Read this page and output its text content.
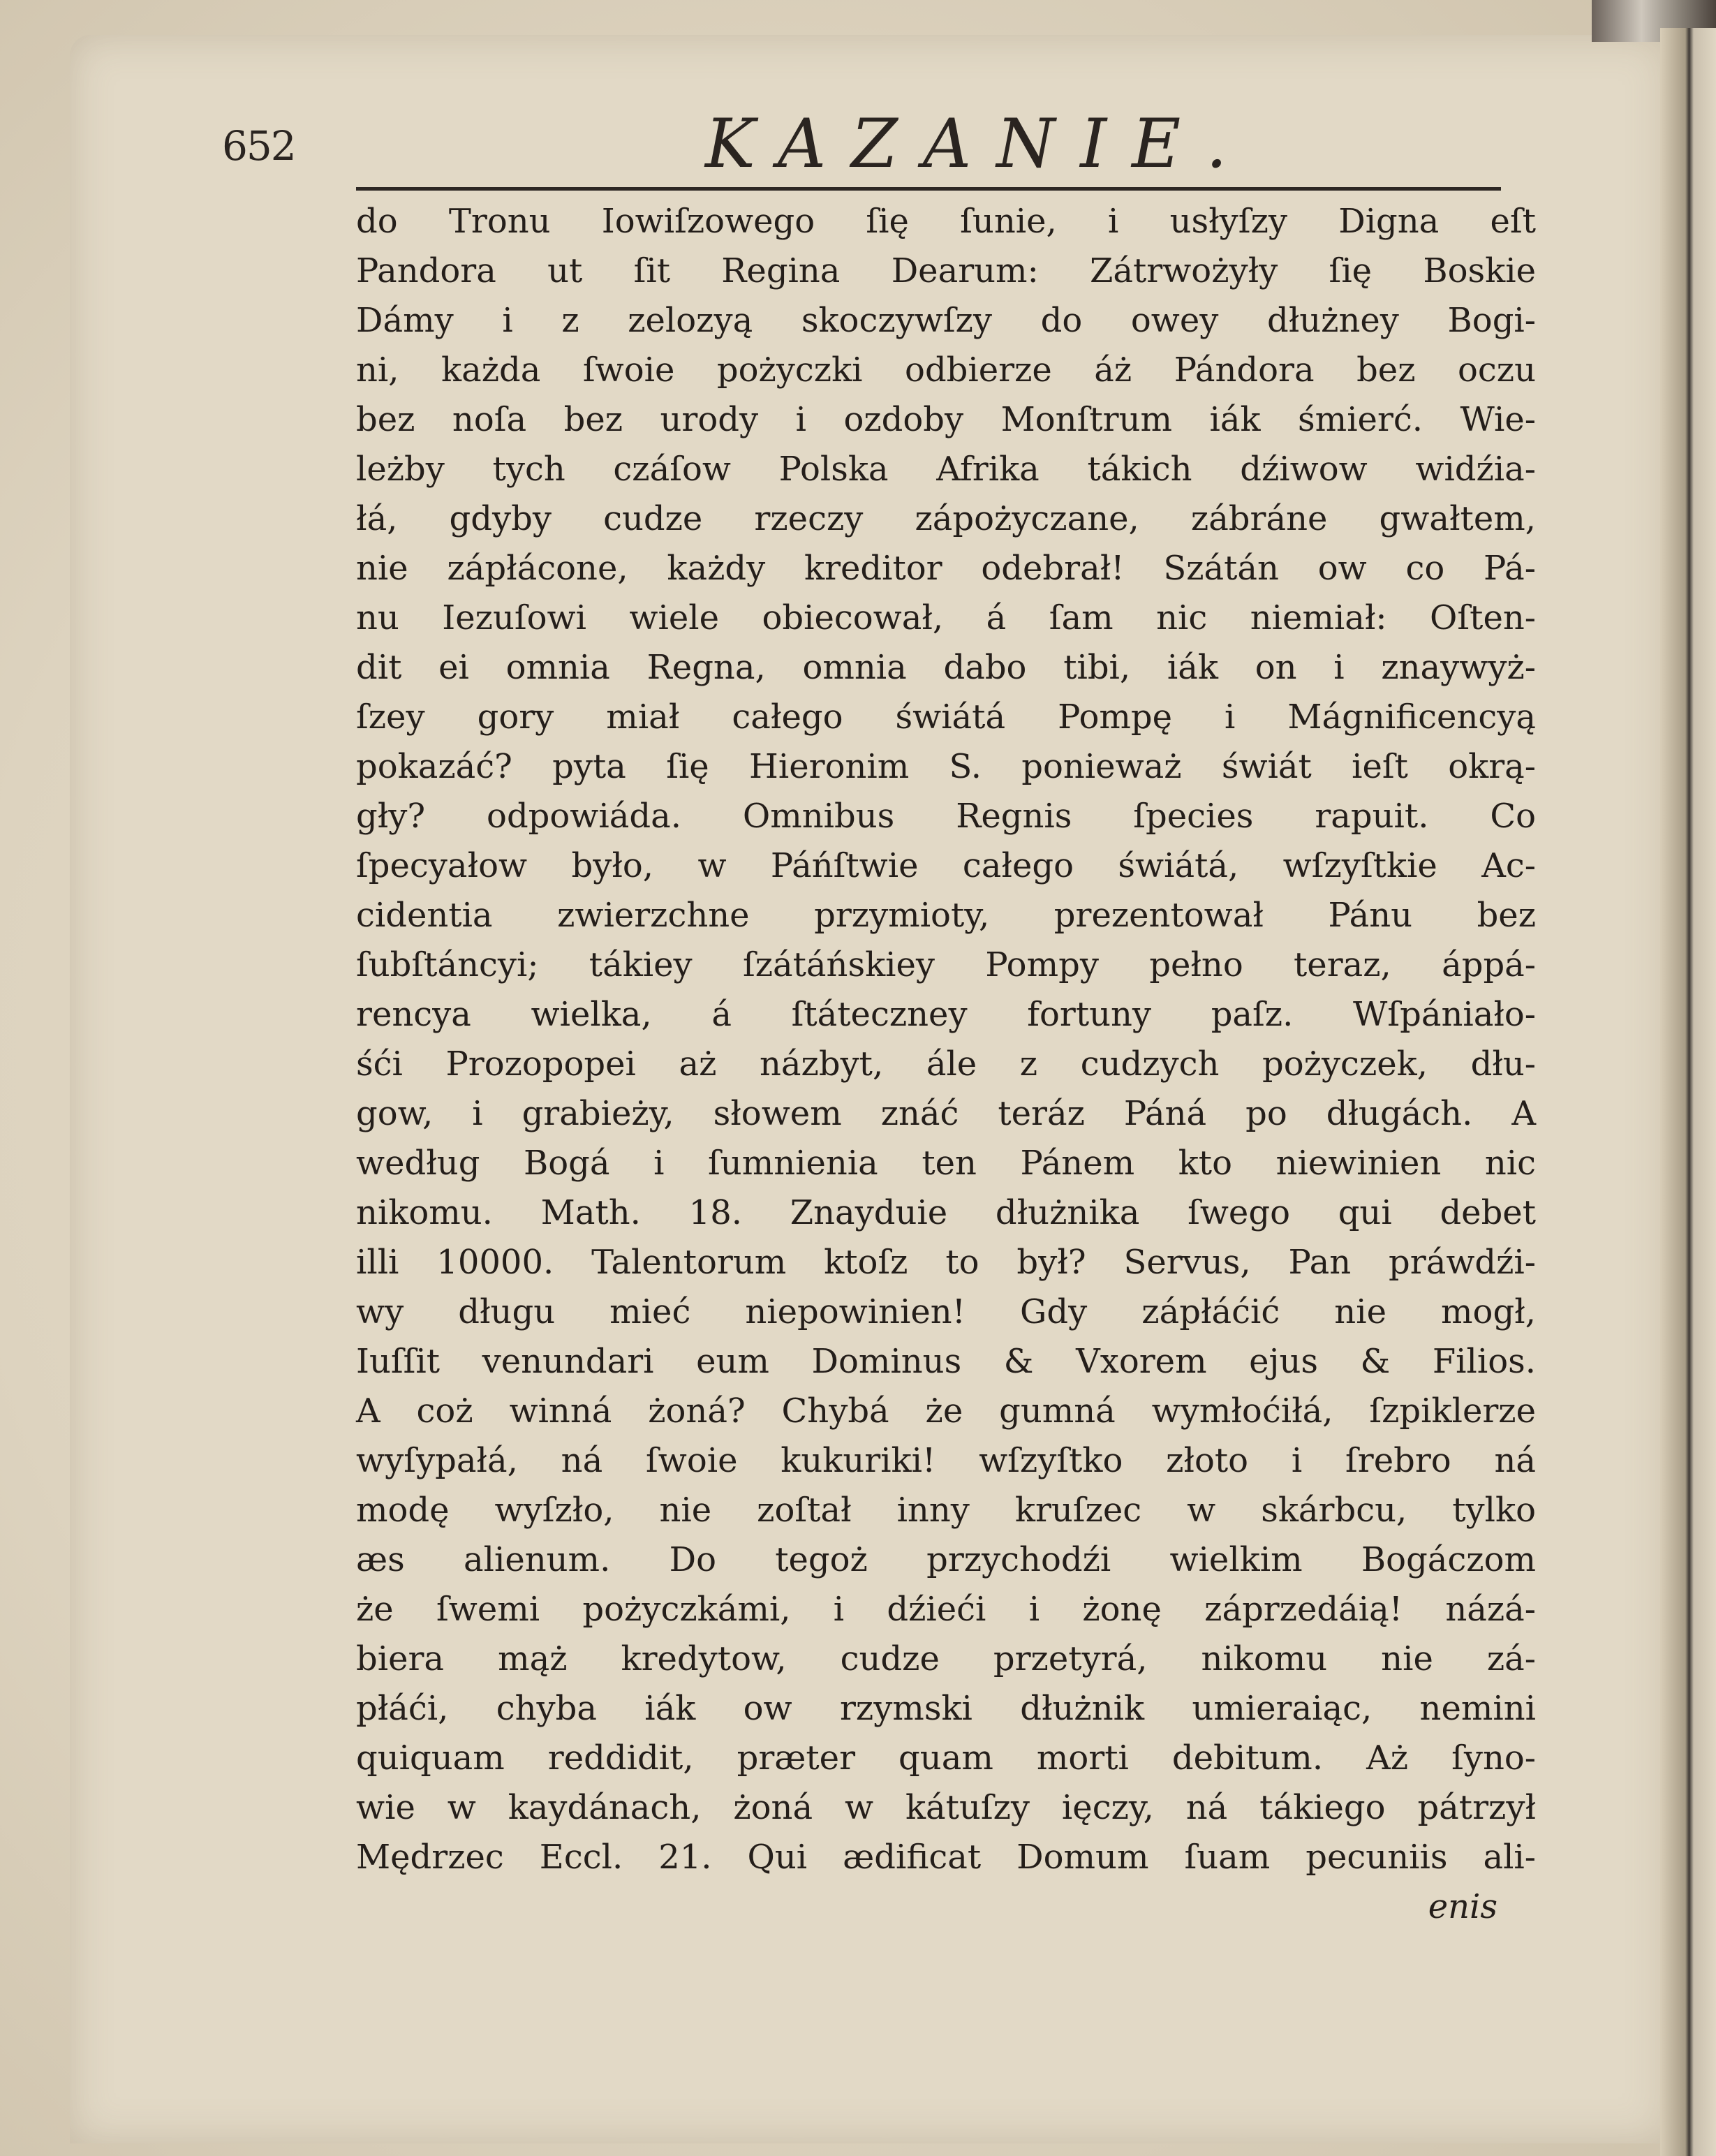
652	KAZANIE.
do Tronu Iowiſzowego ſię ſunie, i usłyſzy Digna eſt
Pandora ut ſit Regina Dearum: Zátrwożyły ſię Boskie
Dámy i z zelozyą skoczywſzy do owey dłużney Bogi-
ni, każda ſwoie pożyczki odbierze áż Pándora bez oczu
bez noſa bez urody i ozdoby Monſtrum iák śmierć. Wie-
leżby tych czáſow Polska Afrika tákich dźiwow widźia-
łá, gdyby cudze rzeczy zápożyczane, zábráne gwałtem,
nie zápłácone, każdy kreditor odebrał! Szátán ow co Pá-
nu Iezuſowi wiele obiecował, á ſam nic niemiał: Oſten-
dit ei omnia Regna, omnia dabo tibi, iák on i znaywyż-
ſzey gory miał całego świátá Pompę i Mágnificencyą
pokazáć? pyta ſię Hieronim S. ponieważ świát ieſt okrą-
gły? odpowiáda. Omnibus Regnis ſpecies rapuit. Co
ſpecyałow było, w Páńſtwie całego świátá, wſzyſtkie Ac-
cidentia zwierzchne przymioty, prezentował Pánu bez
ſubſtáncyi; tákiey ſzátáńskiey Pompy pełno teraz, áppá-
rencya wielka, á ſtáteczney fortuny paſz. Wſpániało-
śći Prozopopei aż názbyt, ále z cudzych pożyczek, dłu-
gow, i grabieży, słowem znáć teráz Páná po długách. A
według Bogá i ſumnienia ten Pánem kto niewinien nic
nikomu. Math. 18. Znayduie dłużnika ſwego qui debet
illi 10000. Talentorum ktoſz to był? Servus, Pan práwdźi-
wy długu mieć niepowinien! Gdy zápłáćić nie mogł,
Iuſſit venundari eum Dominus & Vxorem ejus & Filios.
A coż winná żoná? Chybá że gumná wymłoćiłá, ſzpiklerze
wyſypałá, ná ſwoie kukuriki! wſzyſtko złoto i ſrebro ná
modę wyſzło, nie zoſtał inny kruſzec w skárbcu, tylko
æs alienum. Do tegoż przychodźi wielkim Bogáczom
że ſwemi pożyczkámi, i dźieći i żonę záprzedáią! názá-
biera mąż kredytow, cudze przetyrá, nikomu nie zá-
płáći, chyba iák ow rzymski dłużnik umieraiąc, nemini
quiquam reddidit, præter quam morti debitum. Aż ſyno-
wie w kaydánach, żoná w kátuſzy ięczy, ná tákiego pátrzył
Mędrzec Eccl. 21. Qui ædificat Domum ſuam pecuniis ali-
enis
